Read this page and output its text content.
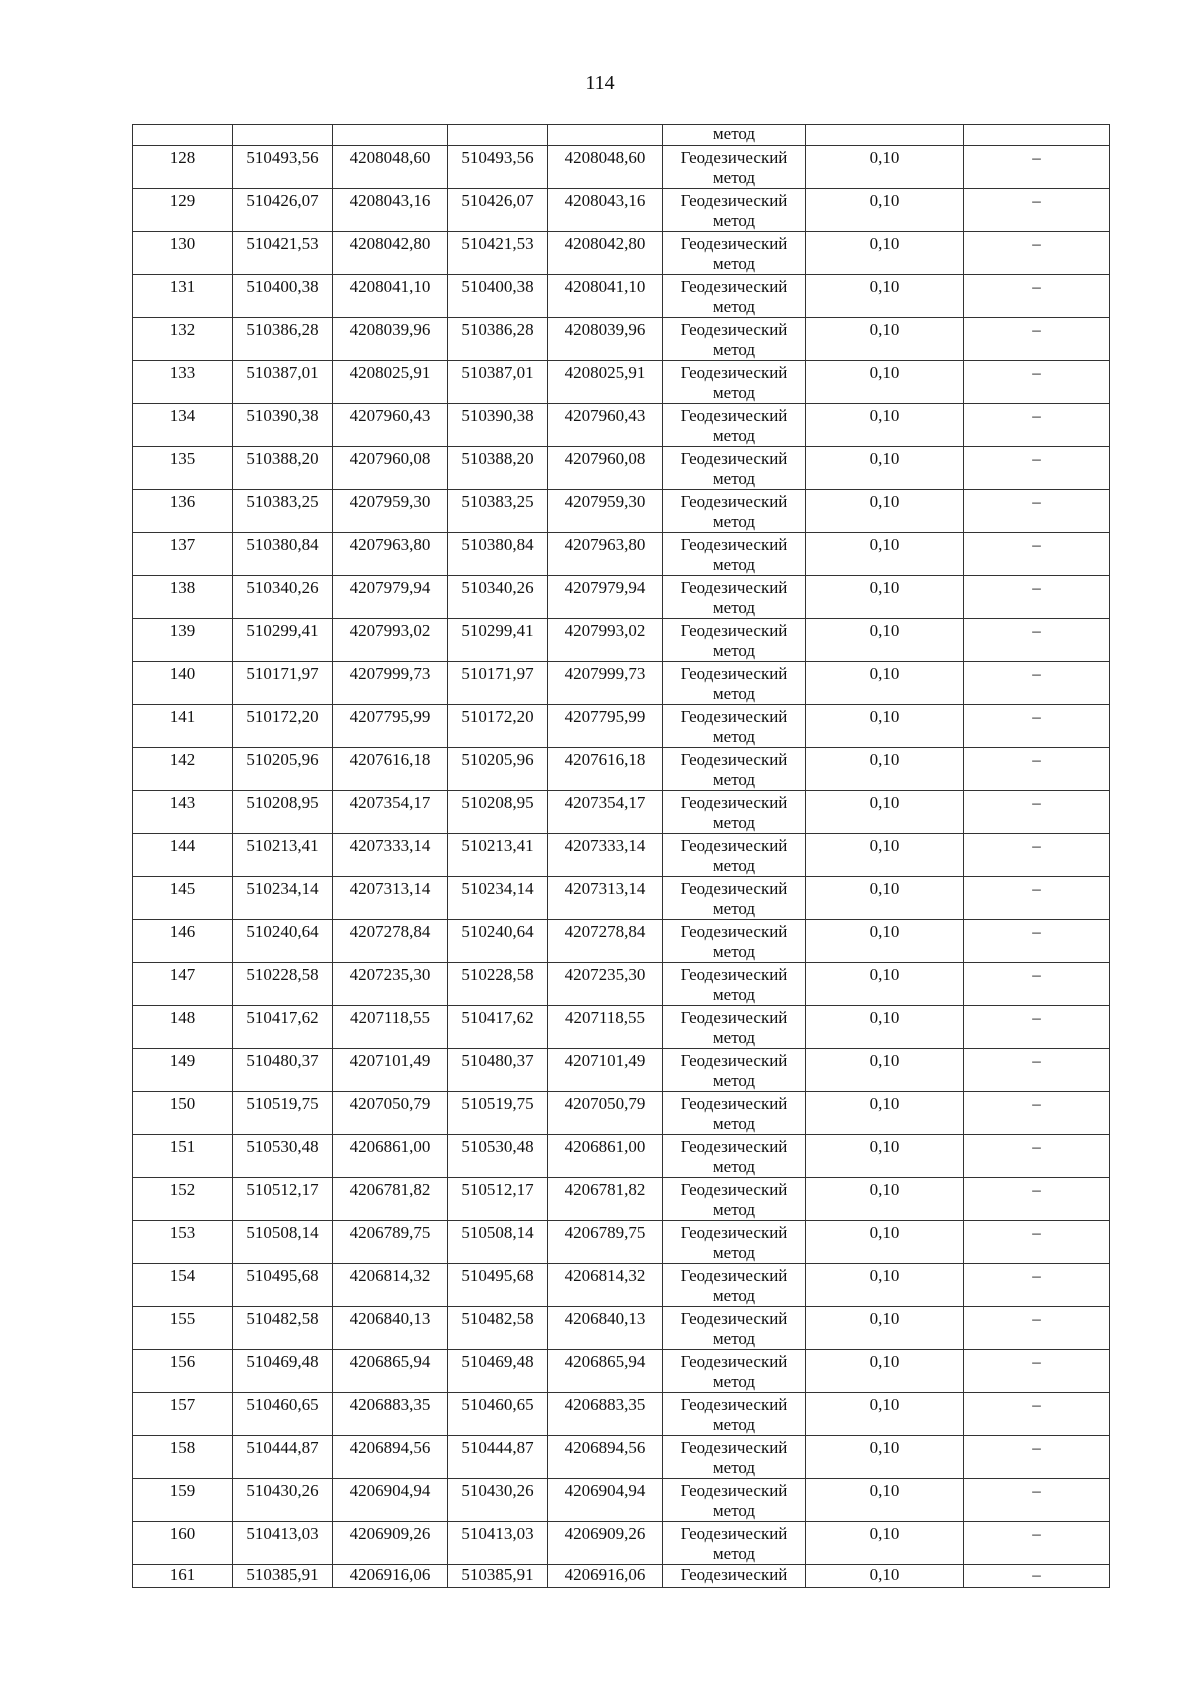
114
					метод		

128	510493,56	4208048,60	510493,56	4208048,60	Геодезический
метод	0,10	–

129	510426,07	4208043,16	510426,07	4208043,16	Геодезический
метод	0,10	–

130	510421,53	4208042,80	510421,53	4208042,80	Геодезический
метод	0,10	–

131	510400,38	4208041,10	510400,38	4208041,10	Геодезический
метод	0,10	–

132	510386,28	4208039,96	510386,28	4208039,96	Геодезический
метод	0,10	–

133	510387,01	4208025,91	510387,01	4208025,91	Геодезический
метод	0,10	–

134	510390,38	4207960,43	510390,38	4207960,43	Геодезический
метод	0,10	–

135	510388,20	4207960,08	510388,20	4207960,08	Геодезический
метод	0,10	–

136	510383,25	4207959,30	510383,25	4207959,30	Геодезический
метод	0,10	–

137	510380,84	4207963,80	510380,84	4207963,80	Геодезический
метод	0,10	–

138	510340,26	4207979,94	510340,26	4207979,94	Геодезический
метод	0,10	–

139	510299,41	4207993,02	510299,41	4207993,02	Геодезический
метод	0,10	–

140	510171,97	4207999,73	510171,97	4207999,73	Геодезический
метод	0,10	–

141	510172,20	4207795,99	510172,20	4207795,99	Геодезический
метод	0,10	–

142	510205,96	4207616,18	510205,96	4207616,18	Геодезический
метод	0,10	–

143	510208,95	4207354,17	510208,95	4207354,17	Геодезический
метод	0,10	–

144	510213,41	4207333,14	510213,41	4207333,14	Геодезический
метод	0,10	–

145	510234,14	4207313,14	510234,14	4207313,14	Геодезический
метод	0,10	–

146	510240,64	4207278,84	510240,64	4207278,84	Геодезический
метод	0,10	–

147	510228,58	4207235,30	510228,58	4207235,30	Геодезический
метод	0,10	–

148	510417,62	4207118,55	510417,62	4207118,55	Геодезический
метод	0,10	–

149	510480,37	4207101,49	510480,37	4207101,49	Геодезический
метод	0,10	–

150	510519,75	4207050,79	510519,75	4207050,79	Геодезический
метод	0,10	–

151	510530,48	4206861,00	510530,48	4206861,00	Геодезический
метод	0,10	–

152	510512,17	4206781,82	510512,17	4206781,82	Геодезический
метод	0,10	–

153	510508,14	4206789,75	510508,14	4206789,75	Геодезический
метод	0,10	–

154	510495,68	4206814,32	510495,68	4206814,32	Геодезический
метод	0,10	–

155	510482,58	4206840,13	510482,58	4206840,13	Геодезический
метод	0,10	–

156	510469,48	4206865,94	510469,48	4206865,94	Геодезический
метод	0,10	–

157	510460,65	4206883,35	510460,65	4206883,35	Геодезический
метод	0,10	–

158	510444,87	4206894,56	510444,87	4206894,56	Геодезический
метод	0,10	–

159	510430,26	4206904,94	510430,26	4206904,94	Геодезический
метод	0,10	–

160	510413,03	4206909,26	510413,03	4206909,26	Геодезический
метод	0,10	–

161	510385,91	4206916,06	510385,91	4206916,06	Геодезический	0,10	–
